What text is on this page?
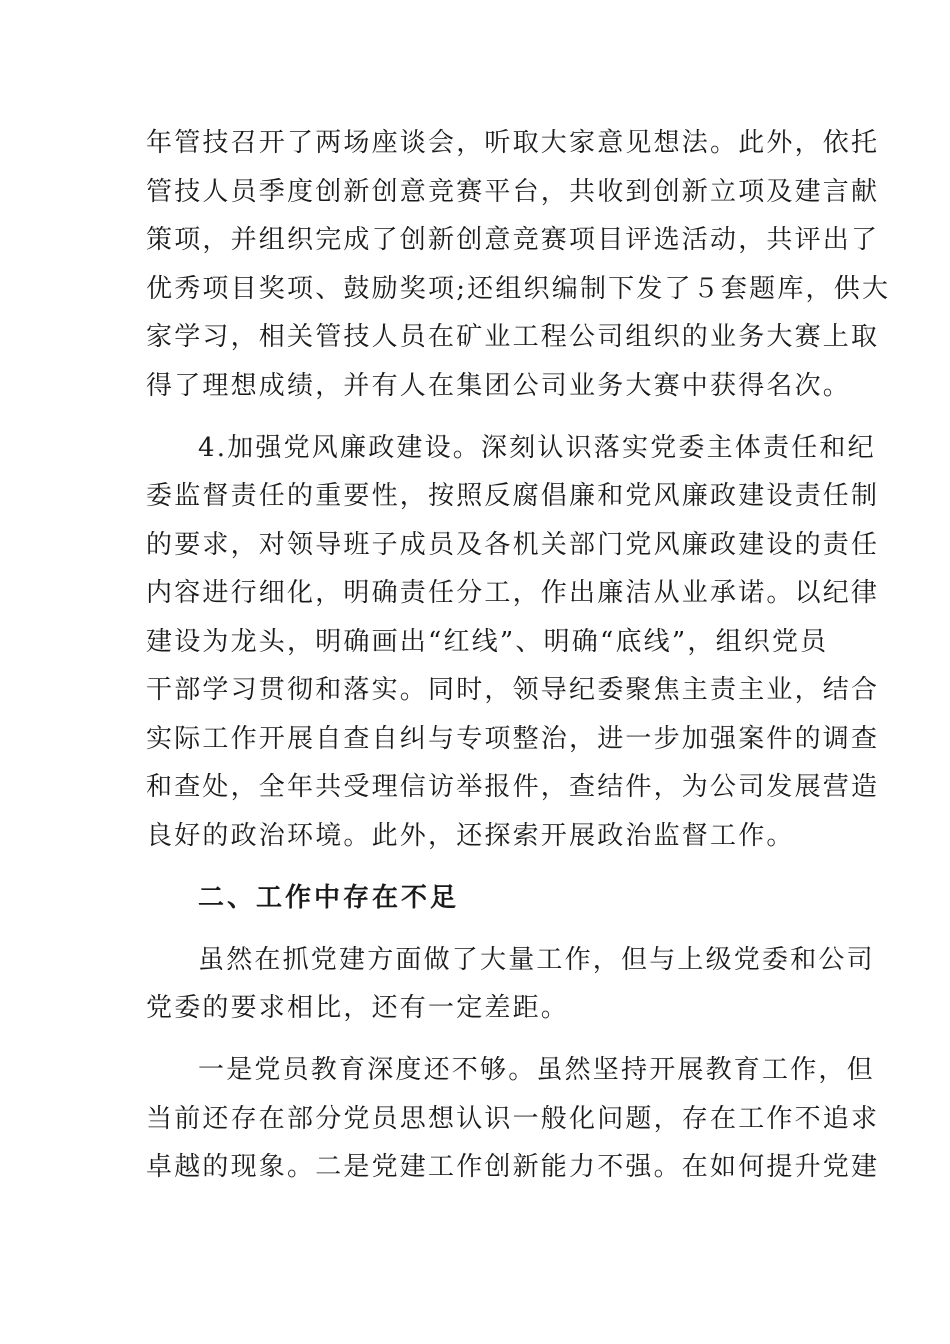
年管技召开了两场座谈会，听取大家意见想法。此外，依托
管技人员季度创新创意竞赛平台，共收到创新立项及建言献
策项，并组织完成了创新创意竞赛项目评选活动，共评出了
优秀项目奖项、鼓励奖项;还组织编制下发了５套题库，供大
家学习，相关管技人员在矿业工程公司组织的业务大赛上取
得了理想成绩，并有人在集团公司业务大赛中获得名次。
4.加强党风廉政建设。深刻认识落实党委主体责任和纪
委监督责任的重要性，按照反腐倡廉和党风廉政建设责任制
的要求，对领导班子成员及各机关部门党风廉政建设的责任
内容进行细化，明确责任分工，作出廉洁从业承诺。以纪律
建设为龙头，明确画出“红线”、明确“底线”，组织党员
干部学习贯彻和落实。同时，领导纪委聚焦主责主业，结合
实际工作开展自查自纠与专项整治，进一步加强案件的调查
和查处，全年共受理信访举报件，查结件，为公司发展营造
良好的政治环境。此外，还探索开展政治监督工作。
二、工作中存在不足
虽然在抓党建方面做了大量工作，但与上级党委和公司
党委的要求相比，还有一定差距。
一是党员教育深度还不够。虽然坚持开展教育工作，但
当前还存在部分党员思想认识一般化问题，存在工作不追求
卓越的现象。二是党建工作创新能力不强。在如何提升党建
